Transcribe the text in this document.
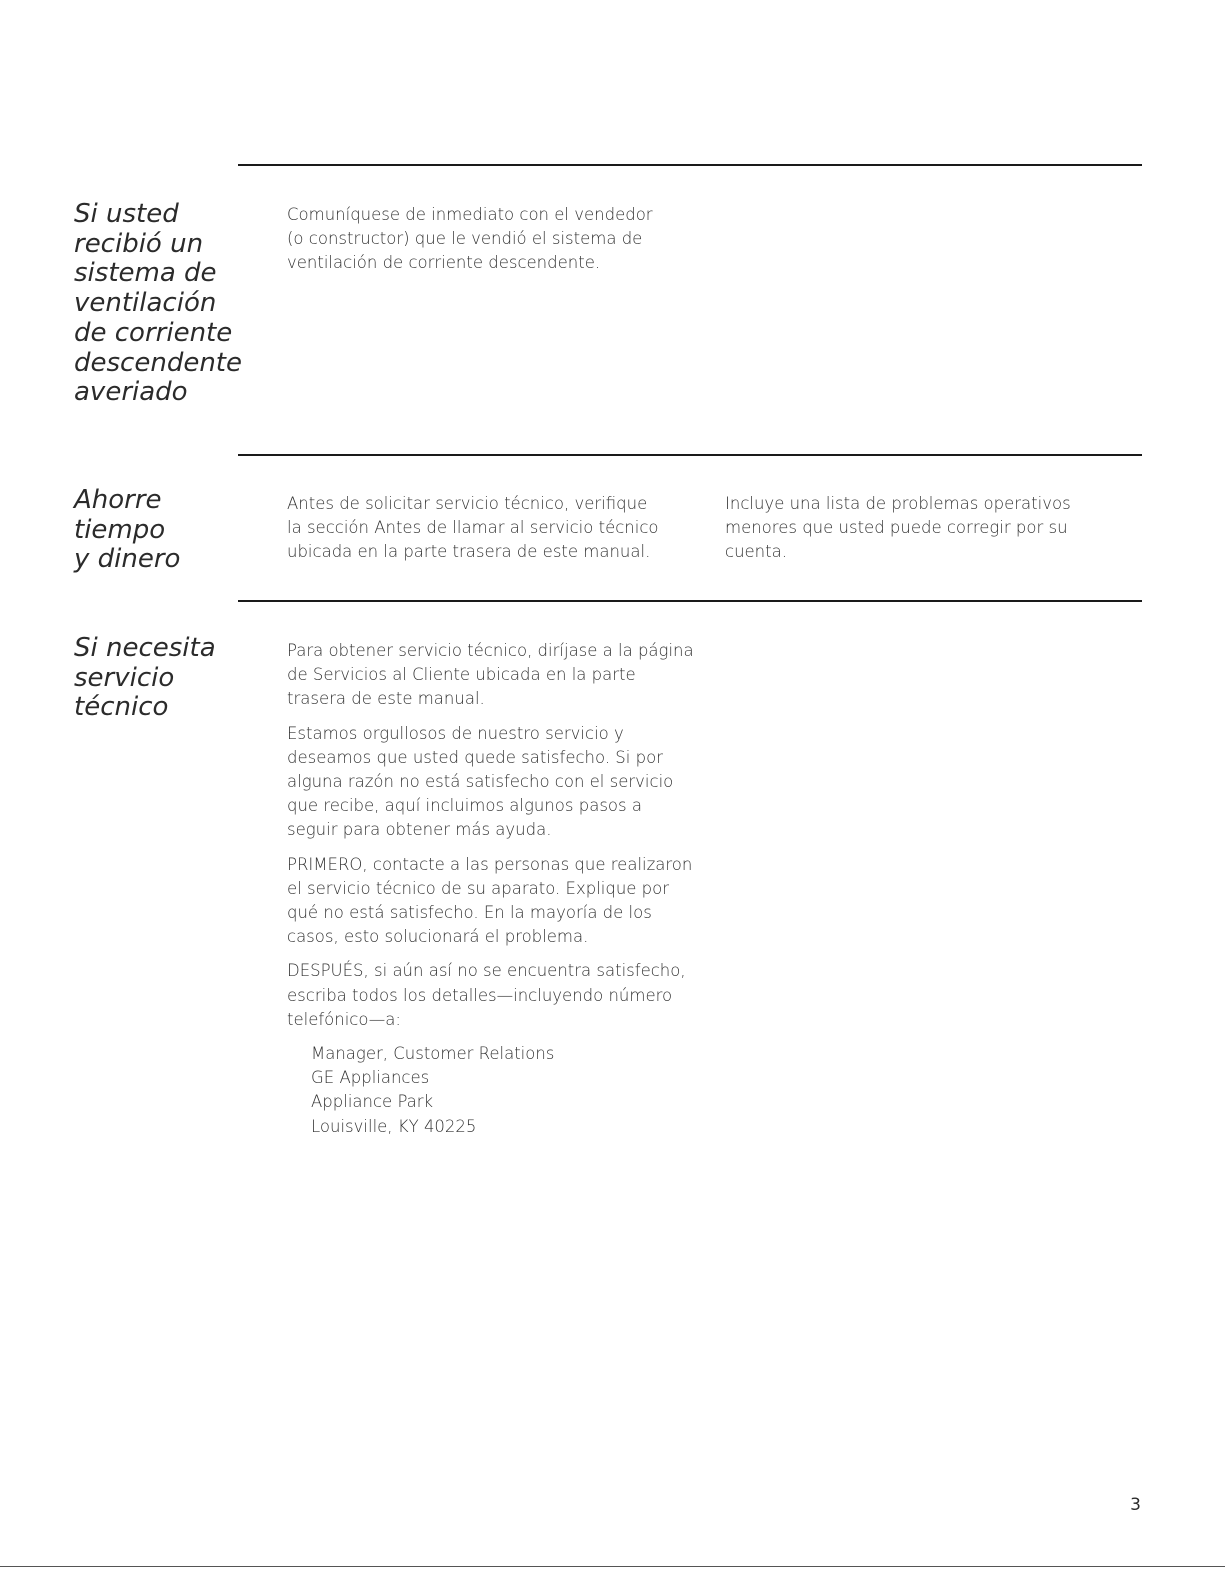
Si usted
recibió un
sistema de
ventilación
de corriente
descendente
averiado

Comuníquese de inmediato con el vendedor
(o constructor) que le vendió el sistema de
ventilación de corriente descendente.

Ahorre
tiempo
y dinero

Antes de solicitar servicio técnico, verifique
la sección Antes de llamar al servicio técnico
ubicada en la parte trasera de este manual.

Incluye una lista de problemas operativos
menores que usted puede corregir por su
cuenta.

Si necesita
servicio
técnico

Para obtener servicio técnico, diríjase a la página
de Servicios al Cliente ubicada en la parte
trasera de este manual.

Estamos orgullosos de nuestro servicio y
deseamos que usted quede satisfecho. Si por
alguna razón no está satisfecho con el servicio
que recibe, aquí incluimos algunos pasos a
seguir para obtener más ayuda.

PRIMERO, contacte a las personas que realizaron
el servicio técnico de su aparato. Explique por
qué no está satisfecho. En la mayoría de los
casos, esto solucionará el problema.

DESPUÉS, si aún así no se encuentra satisfecho,
escriba todos los detalles—incluyendo número
telefónico—a:

Manager, Customer Relations
GE Appliances
Appliance Park
Louisville, KY 40225
3
